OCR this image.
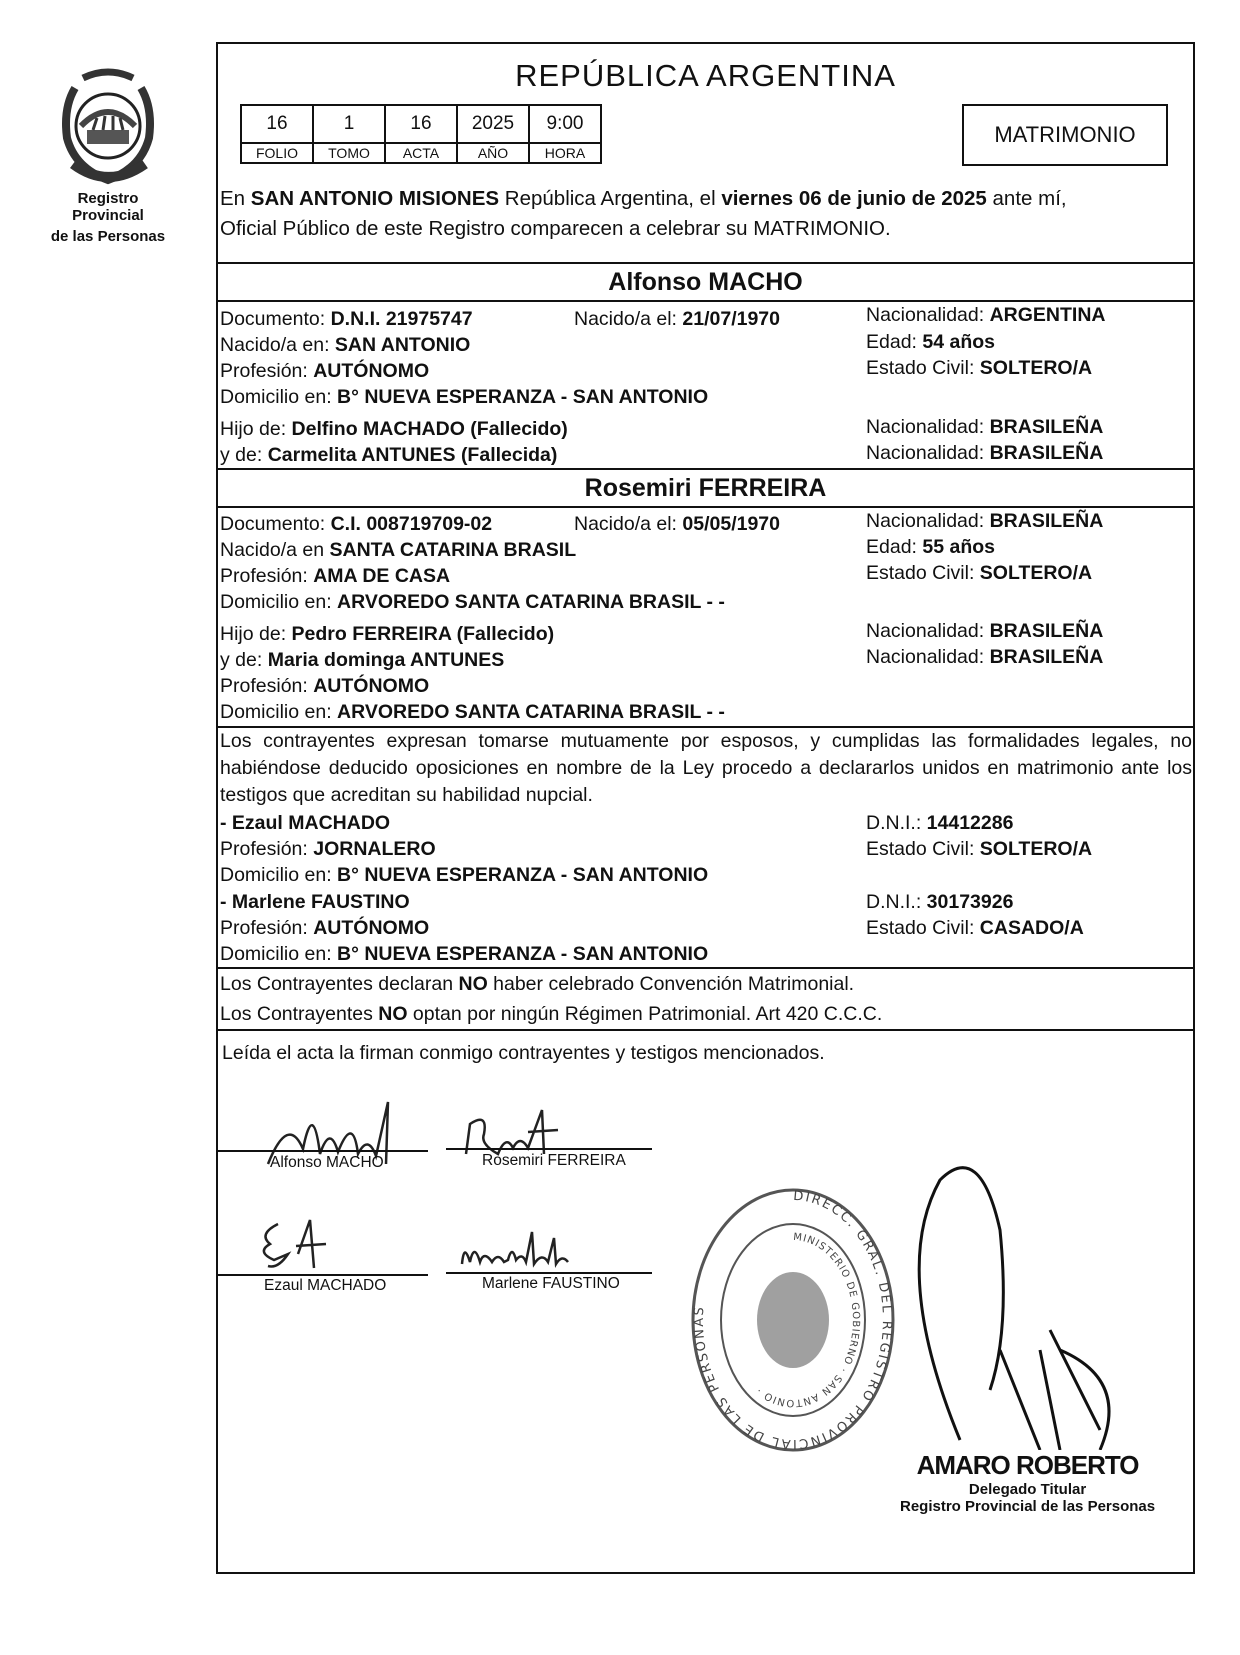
Registro Provincial
de las Personas
REPÚBLICA ARGENTINA
16	1	16	2025	9:00
FOLIO	TOMO	ACTA	AÑO	HORA
MATRIMONIO
En SAN ANTONIO MISIONES República Argentina, el viernes 06 de junio de 2025 ante mí,
Oficial Público de este Registro comparecen a celebrar su MATRIMONIO.
Alfonso MACHO
Documento: D.N.I. 21975747	Nacido/a el: 21/07/1970	Nacionalidad: ARGENTINA
Nacido/a en: SAN ANTONIO	Edad: 54 años
Profesión: AUTÓNOMO	Estado Civil: SOLTERO/A
Domicilio en: B° NUEVA ESPERANZA - SAN ANTONIO
Hijo de: Delfino MACHADO (Fallecido)	Nacionalidad: BRASILEÑA
y de: Carmelita ANTUNES (Fallecida)	Nacionalidad: BRASILEÑA
Rosemiri FERREIRA
Documento: C.I. 008719709-02	Nacido/a el: 05/05/1970	Nacionalidad: BRASILEÑA
Nacido/a en SANTA CATARINA BRASIL	Edad: 55 años
Profesión: AMA DE CASA	Estado Civil: SOLTERO/A
Domicilio en: ARVOREDO SANTA CATARINA BRASIL - -
Hijo de: Pedro FERREIRA (Fallecido)	Nacionalidad: BRASILEÑA
y de: Maria dominga ANTUNES	Nacionalidad: BRASILEÑA
Profesión: AUTÓNOMO
Domicilio en: ARVOREDO SANTA CATARINA BRASIL - -
Los contrayentes expresan tomarse mutuamente por esposos, y cumplidas las formalidades legales, no habiéndose deducido oposiciones en nombre de la Ley procedo a declararlos unidos en matrimonio ante los testigos que acreditan su habilidad nupcial.
- Ezaul MACHADO	D.N.I.: 14412286
Profesión: JORNALERO	Estado Civil: SOLTERO/A
Domicilio en: B° NUEVA ESPERANZA - SAN ANTONIO
- Marlene FAUSTINO	D.N.I.: 30173926
Profesión: AUTÓNOMO	Estado Civil: CASADO/A
Domicilio en: B° NUEVA ESPERANZA - SAN ANTONIO
Los Contrayentes declaran NO haber celebrado Convención Matrimonial.
Los Contrayentes NO optan por ningún Régimen Patrimonial. Art 420 C.C.C.
Leída el acta la firman conmigo contrayentes y testigos mencionados.
Alfonso MACHO	Rosemiri FERREIRA
Ezaul MACHADO	Marlene FAUSTINO
DIRECC. GRAL. DEL REGISTRO PROVINCIAL DE LAS PERSONAS
MINISTERIO DE GOBIERNO · SAN ANTONIO ·
AMARO ROBERTO
Delegado Titular
Registro Provincial de las Personas
